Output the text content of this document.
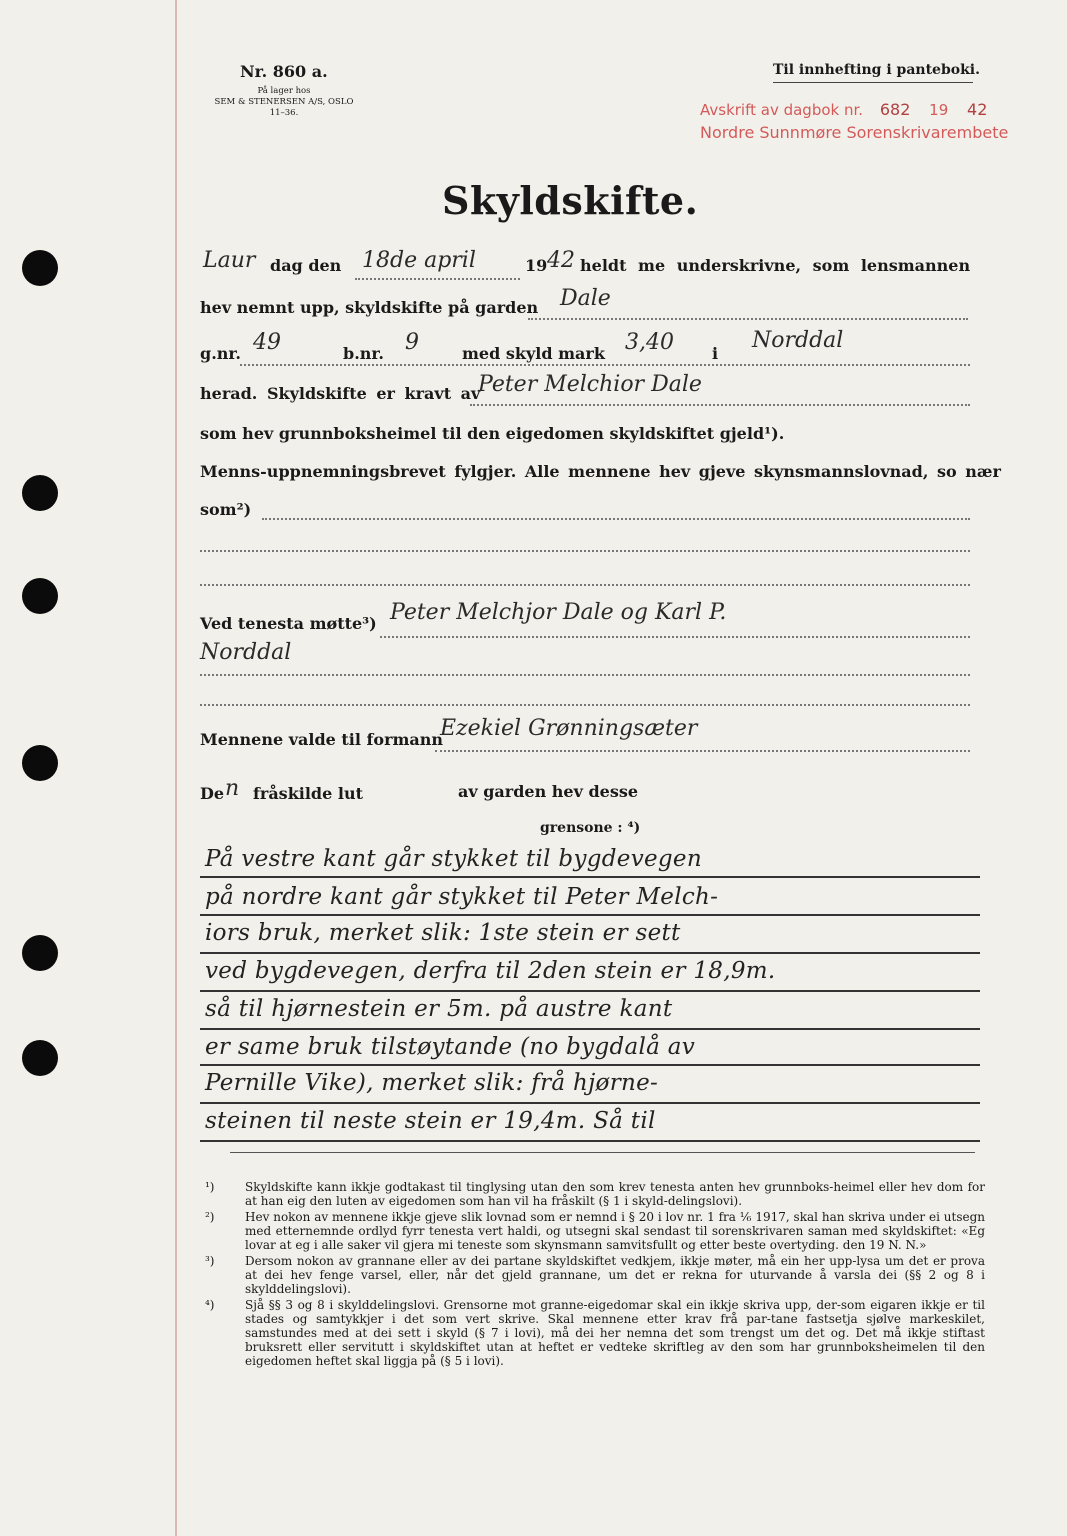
Nr. 860 a.
På lager hos
SEM & STENERSEN A/S, OSLO
11–36.
Til innhefting i panteboki.
Avskrift av dagbok nr. 682 19 42
Nordre Sunnmøre Sorenskrivarembete
Skyldskifte.
Laur dag den 18de april	19 42 heldt me underskrivne, som lensmannen
hev nemnt upp, skyldskifte på garden Dale
g.nr. 49	b.nr. 9	med skyld mark 3,40 i
Norddal
herad. Skyldskifte er kravt av
Peter Melchior Dale
som hev grunnboksheimel til den eigedomen skyldskiftet gjeld¹).
Menns-uppnemningsbrevet fylgjer. Alle mennene hev gjeve skynsmannslovnad, so nær
som²)
Ved tenesta møtte³) Peter Melchjor Dale og Karl P.
Norddal
Mennene valde til formann
Ezekiel Grønningsæter
De n fråskilde lut	av garden hev desse
grensone : ⁴)
På vestre kant går stykket til bygdevegen
på nordre kant går stykket til Peter Melch-
iors bruk, merket slik: 1ste stein er sett
ved bygdevegen, derfra til 2den stein er 18,9m.
så til hjørnestein er 5m. på austre kant
er same bruk tilstøytande (no bygdalå av
Pernille Vike), merket slik: frå hjørne-
steinen til neste stein er 19,4m. Så til
¹)	Skyldskifte kann ikkje godtakast til tinglysing utan den som krev tenesta anten hev grunnboks-heimel eller hev dom for at han eig den luten av eigedomen som han vil ha fråskilt (§ 1 i skyld-delingslovi).
²)	Hev nokon av mennene ikkje gjeve slik lovnad som er nemnd i § 20 i lov nr. 1 fra ⅙ 1917, skal han skriva under ei utsegn med etternemnde ordlyd fyrr tenesta vert haldi, og utsegni skal sendast til sorenskrivaren saman med skyldskiftet: «Eg lovar at eg i alle saker vil gjera mi teneste som skynsmann samvitsfullt og etter beste overtyding. den 19 N. N.»
³)	Dersom nokon av grannane eller av dei partane skyldskiftet vedkjem, ikkje møter, må ein her upp-lysa um det er prova at dei hev fenge varsel, eller, når det gjeld grannane, um det er rekna for uturvande å varsla dei (§§ 2 og 8 i skylddelingslovi).
⁴)	Sjå §§ 3 og 8 i skylddelingslovi. Grensorne mot granne-eigedomar skal ein ikkje skriva upp, der-som eigaren ikkje er til stades og samtykkjer i det som vert skrive. Skal mennene etter krav frå par-tane fastsetja sjølve markeskilet, samstundes med at dei sett i skyld (§ 7 i lovi), må dei her nemna det som trengst um det og. Det må ikkje stiftast bruksrett eller servitutt i skyldskiftet utan at heftet er vedteke skriftleg av den som har grunnboksheimelen til den eigedomen heftet skal liggja på (§ 5 i lovi).
